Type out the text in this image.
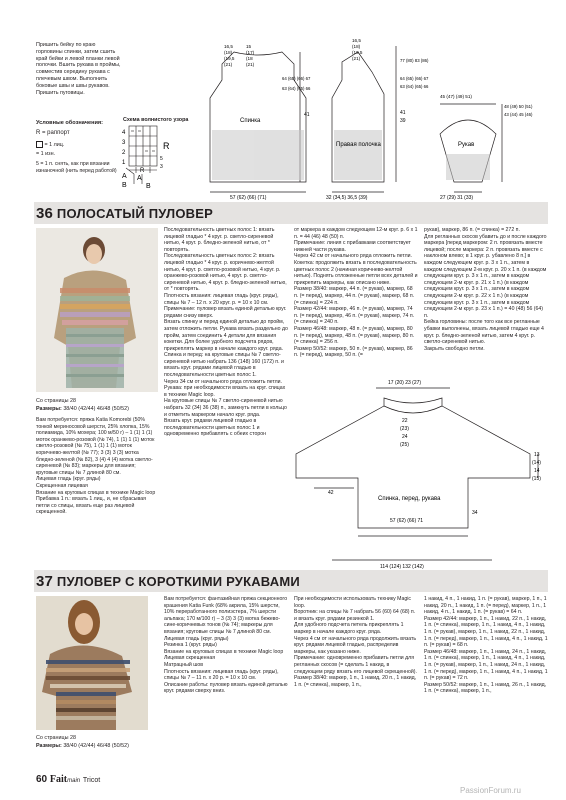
Пришить бейку по краю горловины спинки, затем сшить край бейки и левой планки левой полочки. Вшить рукава в проймы, совместив середину рукава с плечевым швом. Выполнить боковые швы и швы рукавов. Пришить пуговицы.
Условные обозначения:
R = раппорт
= 1 лиц.
= 1 изн.
5 = 1 п. снять, как при вязании изнаночной (нить перед работой)
Схема волнистого узора
4
3
2
1
R
R
5
3
A
B
A
B
Спинка
Правая полочка	Рукав
16,5
(18)
(19,5
(21)
15
(17)
(18
(21)
64 (65) (66) 67
63 (64) (65) 66
41
57 (62) (66) (71)
16,5
(18)
(19,5
(21)	77 (80) 83 (86)
64 (65) (66) 67
63 (64) (65) 66
41
39
32 (34,5) 36,5 (39)
45 (47) (49) 51)
48 (49) 50 (51)
43 (44) 45 (46)
27 (29) 31 (33)
36 ПОЛОСАТЫЙ ПУЛОВЕР
Со страницы 28
Размеры: 38/40 (42/44) 46/48 (50/52)
Вам потребуется: пряжа Katia Komorebi (50% тонкой мериносовой шерсти, 25% хлопка, 15% полиамида, 10% мохера; 100 м/50 г) – 1 (1) 1 (1) моток оранжево-розовой (№ 74), 1 (1) 1 (1) моток светло-розовой (№ 75), 1 (1) 1 (1) моток коричнево-желтой (№ 77); 3 (3) 3 (3) мотка бледно-зеленой (№ 82), 3 (4) 4 (4) мотка светло-сиреневой (№ 83); маркеры для вязания; круговые спицы № 7 длиной 80 см.
Лицевая гладь (круг. ряды)
Скрещенная лицевая
Вязание на круговых спицах в технике Magic loop
Прибавка 1 п.: вязать 1 лиц., и, не сбрасывая петли со спицы, вязать еще раз лицевой скрещенной.
Последовательность цветных полос 1: вязать лицевой гладью * 4 круг. р. светло-сиреневой нитью, 4 круг. р. бледно-зеленой нитью, от * повторять.
Последовательность цветных полос 2: вязать лицевой гладью * 4 круг. р. коричнево-желтой нитью, 4 круг. р. светло-розовой нитью, 4 круг. р. оранжево-розовой нитью, 4 круг. р. светло-сиреневой нитью, 4 круг. р. бледно-зеленой нитью, от * повторять.
Плотность вязания: лицевая гладь (круг. ряды), спицы № 7 – 12 п. x 20 круг. р. = 10 x 10 см.
Примечание: пуловер вязать единой деталью круг. рядами снизу вверх.
Вязать спинку и перед единой деталью до пройм, затем отложить петли. Рукава вязать раздельно до пройм, затем соединить 4 детали для вязания кокетки. Для более удобного подсчета рядов, прикреплять маркер в начале каждого круг. ряда.
Спинка и перед: на круговые спицы № 7 светло-сиреневой нитью набрать 136 (148) 160 (172) п. и вязать круг. рядами лицевой гладью в последовательности цветных полос 1.
Через 34 см от начального ряда отложить петли.
Рукава: при необходимости вязать на круг. спицах в технике Magic loop.
На круговые спицы № 7 светло-сиреневой нитью набрать 32 (34) 36 (38) п., замкнуть петли в кольцо и отметить маркером начало круг. ряда.
Вязать круг. рядами лицевой гладью в последовательности цветных полос 1 и одновременно прибавлять с обеих сторон
от маркера в каждом следующем 12-м круг. р. 6 x 1 п. = 44 (46) 48 (50) п.
Примечание: линия с прибавками соответствует нижней части рукава.
Через 42 см от начального ряда отложить петли.
Кокетка: продолжить вязать в последовательность цветных полос 2 (начиная коричнево-желтой нитью). Поднять отложенные петли всех деталей и прикрепить маркеры, как описано ниже.
Размер 38/40: маркер, 44 п. (= рукав), маркер, 68 п. (= перед), маркер, 44 п. (= рукав), маркер, 68 п. (= спинка) = 224 п.
Размер 42/44: маркер, 46 п. (= рукав), маркер, 74 п. (= перед), маркер, 46 п. (= рукав), маркер, 74 п. (= спинка) = 240 п.
Размер 46/48: маркер, 48 п. (= рукав), маркер, 80 п. (= перед), маркер, 48 п. (= рукав), маркер, 80 п. (= спинка) = 256 п.
Размер 50/52: маркер, 50 п. (= рукав), маркер, 86 п. (= перед), маркер, 50 п. (=
рукав), маркер, 86 п. (= спинка) = 272 п.
Для регланных скосов убавить до и после каждого маркера [перед маркером: 2 п. провязать вместе лицевой; после маркера: 2 п. провязать вместе с наклоном влево; в 1 круг. р. убавлено 8 п.] в каждом следующем круг. р. 3 x 1 п., затем в каждом следующем 2-м круг. р. 20 x 1 п. (в каждом следующем круг. р. 3 x 1 п., затем в каждом следующем 2-м круг. р. 21 x 1 п.) (в каждом следующем круг. р. 3 x 1 п., затем в каждом следующем 2-м круг. р. 22 x 1 п.) (в каждом следующем круг. р. 3 x 1 п., затем в каждом следующем 2-м круг. р. 23 x 1 п.) = 40 (48) 56 (64) п.
Бейка горловины: после того как все регланные убавки выполнены, вязать лицевой гладью еще 4 круг. р. бледно-зеленой нитью, затем 4 круг. р. светло-сиреневой нитью.
Закрыть свободно петли.
17 (20) 23 (27)
22
(23)
24
(25)
13
(14)
14
(15)
42
Спинка, перед, рукава
57 (62) (66) 71
34
114 (124) 132 (142)
37 ПУЛОВЕР С КОРОТКИМИ РУКАВАМИ
Со страницы 28
Размеры: 38/40 (42/44) 46/48 (50/52)
Вам потребуется: фантазийная пряжа секционного крашения Katia Funk (68% акрила, 15% шерсти, 10% переработанного полиэстера, 7% шерсти альпака; 170 м/100 г) – 3 (3) 3 (3) мотка бежево-сине-коричневых тонов (№ 74); маркеры для вязания; круговые спицы № 7 длиной 80 см.
Лицевая гладь (круг. ряды)
Резинка 1 (круг. ряды)
Вязание на круговых спицах в технике Magic loop
Лицевая скрещенная
Матрацный шов
Плотность вязания: лицевая гладь (круг. ряды), спицы № 7 – 11 п. x 20 р. = 10 x 10 см.
Описание работы: пуловер вязать единой деталью круг. рядами сверху вниз.
При необходимости использовать технику Magic loop.
Воротник: на спицы № 7 набрать 56 (60) 64 (68) п. и вязать круг. рядами резинкой 1.
Для удобного подсчета петель прикреплять 1 маркер в начале каждого круг. ряда.
Через 4 см от начального ряда продолжить вязать круг. рядами лицевой гладью, распределив маркеры, как указано ниже.
Примечание: одновременно прибавить петли для регланных скосов (= сделать 1 накид, в следующем ряду вязать его лицевой скрещенной).
Размер 38/40: маркер, 1 п., 1 накид, 20 п., 1 накид, 1 п. (= спинка), маркер, 1 п.,
1 накид, 4 п., 1 накид, 1 п. (= рукав), маркер, 1 п., 1 накид, 20 п., 1 накид, 1 п. (= перед), маркер, 1 п., 1 накид, 4 п., 1 накид, 1 п. (= рукав) = 64 п.
Размер 42/44: маркер, 1 п., 1 накид, 22 п., 1 накид, 1 п. (= спинка), маркер, 1 п., 1 накид, 4 п., 1 накид, 1 п. (= рукав), маркер, 1 п., 1 накид, 22 п., 1 накид, 1 п. (= перед), маркер, 1 п., 1 накид, 4 п., 1 накид, 1 п. (= рукав) = 68 п.
Размер 46/48: маркер, 1 п., 1 накид, 24 п., 1 накид, 1 п. (= спинка), маркер, 1 п., 1 накид, 4 п., 1 накид, 1 п. (= рукав), маркер, 1 п., 1 накид, 24 п., 1 накид, 1 п. (= перед), маркер, 1 п., 1 накид, 4 п., 1 накид, 1 п. (= рукав) = 72 п.
Размер 50/52: маркер, 1 п., 1 накид, 26 п., 1 накид, 1 п. (= спинка), маркер, 1 п.,
60 Faitmain Tricot
PassionForum.ru
